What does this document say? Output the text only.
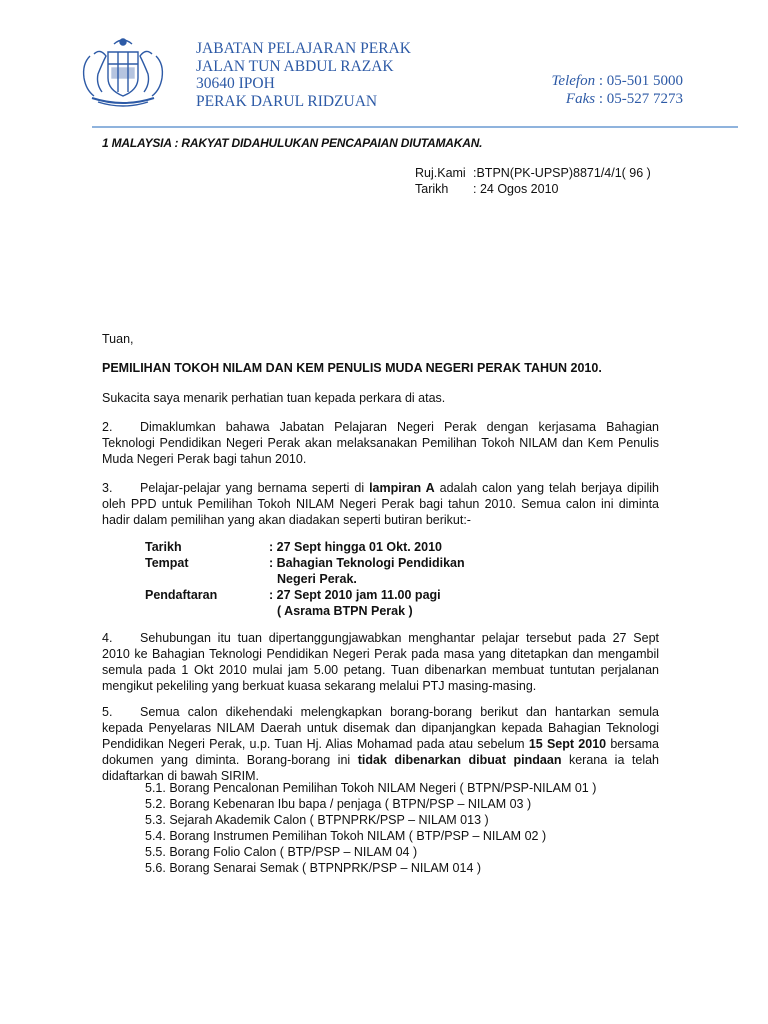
JABATAN PELAJARAN PERAK
JALAN TUN ABDUL RAZAK
30640 IPOH
PERAK DARUL RIDZUAN
Telefon : 05-501 5000
Faks : 05-527 7273
1 MALAYSIA : RAKYAT DIDAHULUKAN PENCAPAIAN DIUTAMAKAN.
Ruj.Kami :BTPN(PK-UPSP)8871/4/1( 96 )
Tarikh	: 24 Ogos 2010
Tuan,
PEMILIHAN TOKOH NILAM DAN KEM PENULIS MUDA NEGERI PERAK TAHUN 2010.
Sukacita saya menarik perhatian tuan kepada perkara di atas.
2. Dimaklumkan bahawa Jabatan Pelajaran Negeri Perak dengan kerjasama Bahagian Teknologi Pendidikan Negeri Perak akan melaksanakan Pemilihan Tokoh NILAM dan Kem Penulis Muda Negeri Perak bagi tahun 2010.
3. Pelajar-pelajar yang bernama seperti di lampiran A adalah calon yang telah berjaya dipilih oleh PPD untuk Pemilihan Tokoh NILAM Negeri Perak bagi tahun 2010. Semua calon ini diminta hadir dalam pemilihan yang akan diadakan seperti butiran berikut:-
Tarikh	: 27 Sept hingga 01 Okt. 2010
Tempat	: Bahagian Teknologi Pendidikan
Negeri Perak.
Pendaftaran	: 27 Sept 2010 jam 11.00 pagi
( Asrama BTPN Perak )
4. Sehubungan itu tuan dipertanggungjawabkan menghantar pelajar tersebut pada 27 Sept 2010 ke Bahagian Teknologi Pendidikan Negeri Perak pada masa yang ditetapkan dan mengambil semula pada 1 Okt 2010 mulai jam 5.00 petang. Tuan dibenarkan membuat tuntutan perjalanan mengikut pekeliling yang berkuat kuasa sekarang melalui PTJ masing-masing.
5. Semua calon dikehendaki melengkapkan borang-borang berikut dan hantarkan semula kepada Penyelaras NILAM Daerah untuk disemak dan dipanjangkan kepada Bahagian Teknologi Pendidikan Negeri Perak, u.p. Tuan Hj. Alias Mohamad pada atau sebelum 15 Sept 2010 bersama dokumen yang diminta. Borang-borang ini tidak dibenarkan dibuat pindaan kerana ia telah didaftarkan di bawah SIRIM.
5.1. Borang Pencalonan Pemilihan Tokoh NILAM Negeri ( BTPN/PSP-NILAM 01 )
5.2. Borang Kebenaran Ibu bapa / penjaga ( BTPN/PSP – NILAM 03 )
5.3. Sejarah Akademik Calon ( BTPNPRK/PSP – NILAM 013 )
5.4. Borang Instrumen Pemilihan Tokoh NILAM ( BTP/PSP – NILAM 02 )
5.5. Borang Folio Calon ( BTP/PSP – NILAM 04 )
5.6. Borang Senarai Semak ( BTPNPRK/PSP – NILAM 014 )
